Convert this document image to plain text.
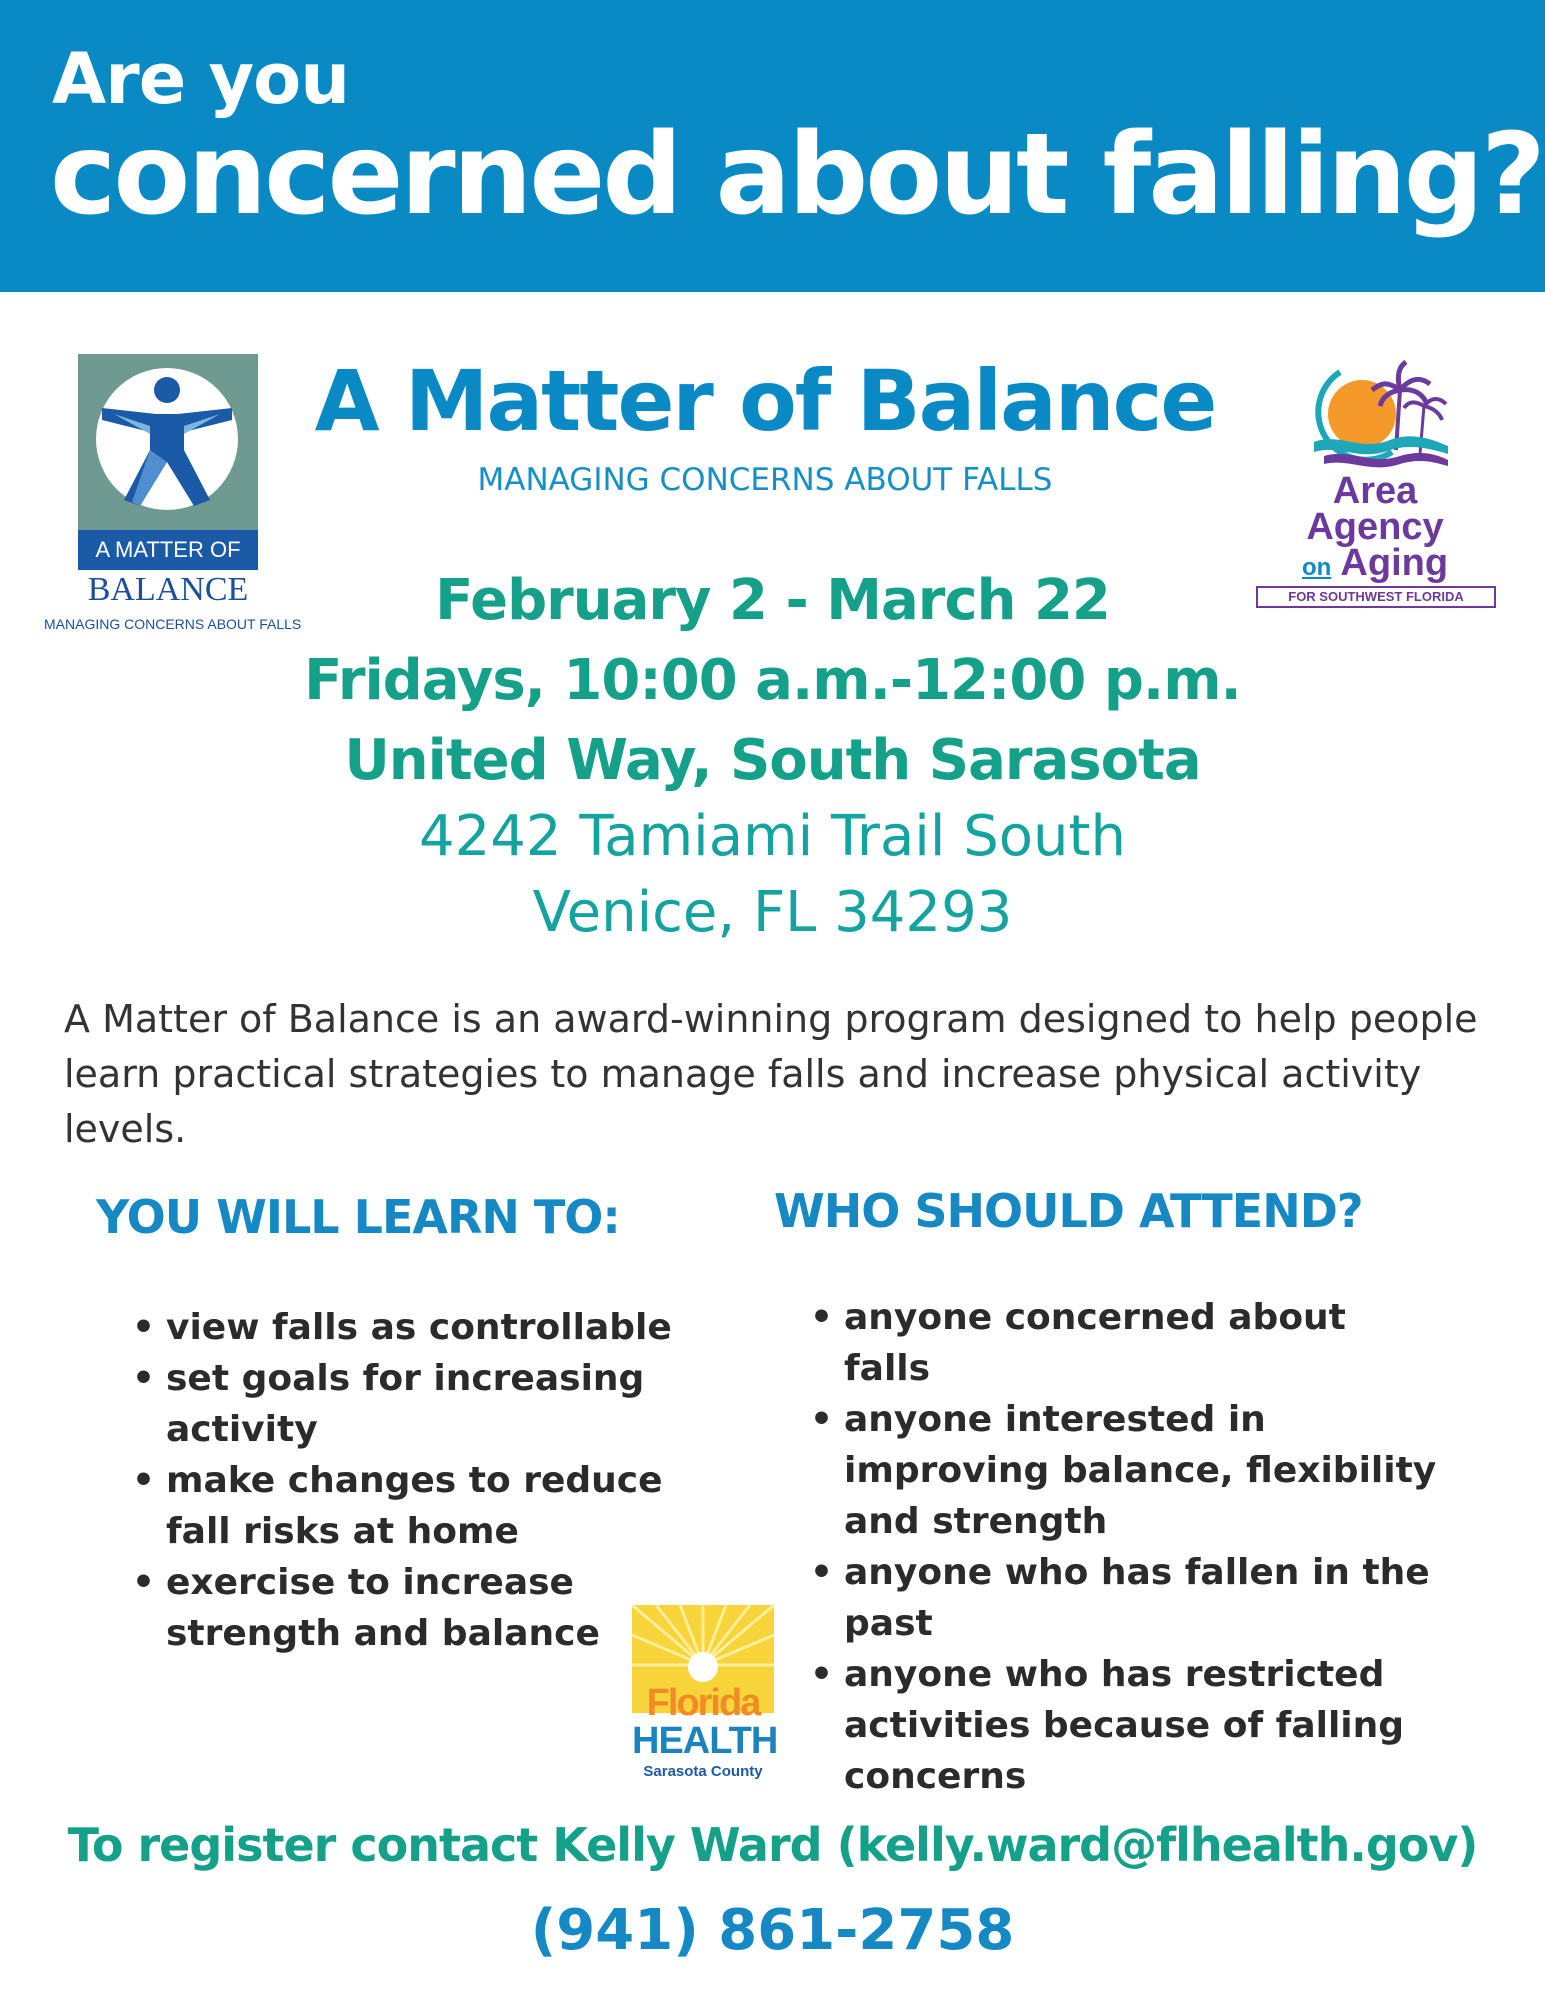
Are you
concerned about falling?
A MATTER OF
BALANCE
MANAGING CONCERNS ABOUT FALLS
A Matter of Balance
MANAGING CONCERNS ABOUT FALLS	Area
Agency
on Aging
FOR SOUTHWEST FLORIDA
February 2 - March 22
Fridays, 10:00 a.m.-12:00 p.m.
United Way, South Sarasota
4242 Tamiami Trail South
Venice, FL 34293
A Matter of Balance is an award-winning program designed to help people learn practical strategies to manage falls and increase physical activity levels.
YOU WILL LEARN TO:
• view falls as controllable
• set goals for increasing activity
• make changes to reduce fall risks at home
• exercise to increase strength and balance
WHO SHOULD ATTEND?
• anyone concerned about falls
• anyone interested in improving balance, flexibility and strength
• anyone who has fallen in the past
• anyone who has restricted activities because of falling concerns
Florida
HEALTH
Sarasota County
To register contact Kelly Ward (kelly.ward@flhealth.gov)
(941) 861-2758
